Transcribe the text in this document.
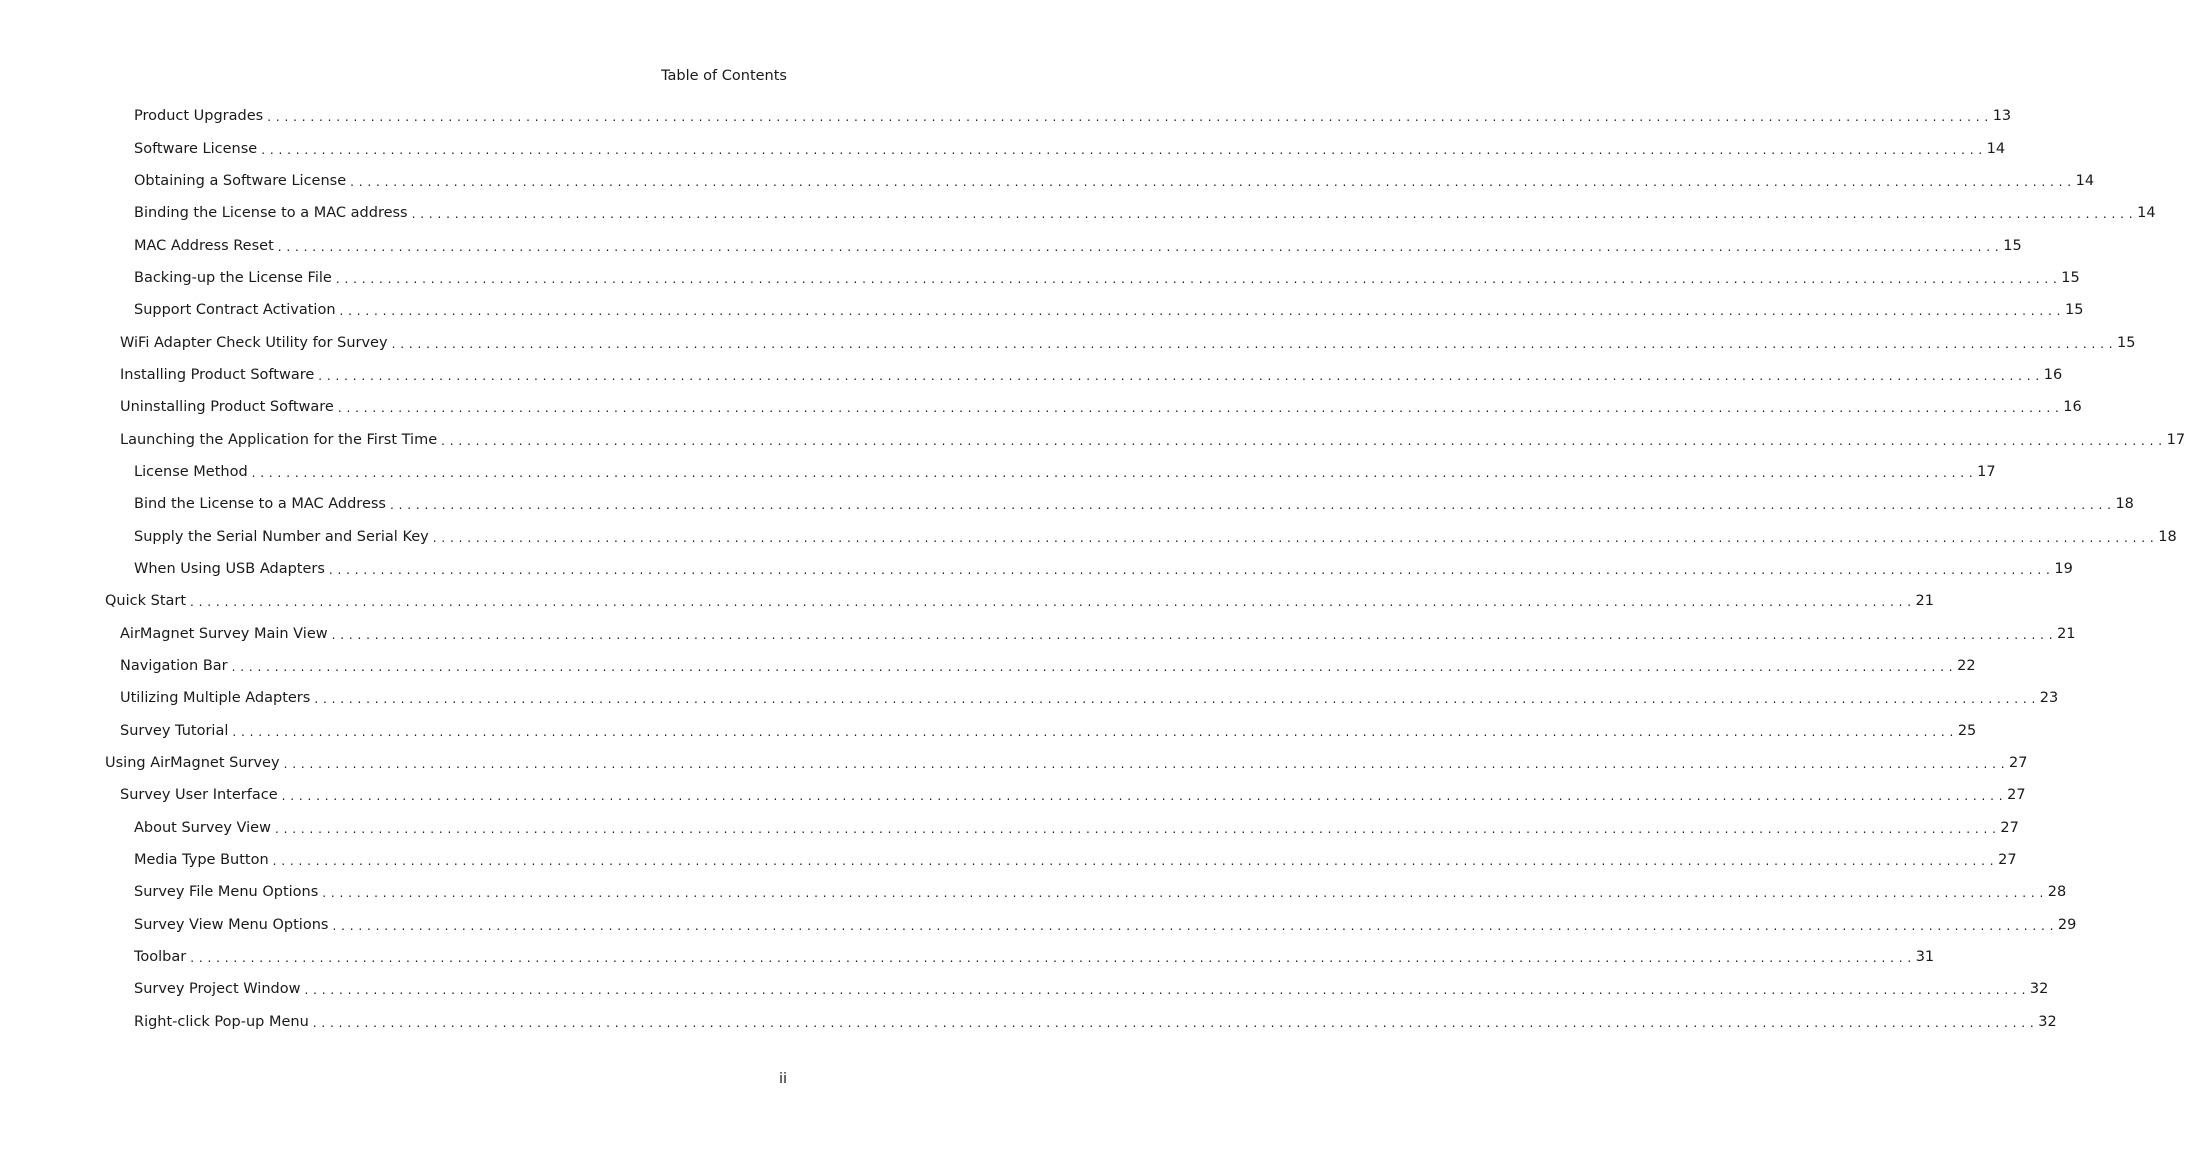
Table of Contents
Product Upgrades . . . . . . . . . . . . . . . . . . . . . . . . . . . . . . . . . . . . . . . . . . . . . . . . . . . . . . . . . . . . . . . . . . . . . . . . . . . . . . . . . . . . . . . . . . . . . . . . . . . . . . . . . . . . . . . . . . . . . . . . . . . . . . . . . . . . . . . . . . . . . . . . . . . . . . . . . . . . . . . . . . . . . . . . . . . . . . . . . . . . . . . . . . . . . . . . . . . . . . . . 13
Software License . . . . . . . . . . . . . . . . . . . . . . . . . . . . . . . . . . . . . . . . . . . . . . . . . . . . . . . . . . . . . . . . . . . . . . . . . . . . . . . . . . . . . . . . . . . . . . . . . . . . . . . . . . . . . . . . . . . . . . . . . . . . . . . . . . . . . . . . . . . . . . . . . . . . . . . . . . . . . . . . . . . . . . . . . . . . . . . . . . . . . . . . . . . . . . . . . . . . . . . . 14
Obtaining a Software License . . . . . . . . . . . . . . . . . . . . . . . . . . . . . . . . . . . . . . . . . . . . . . . . . . . . . . . . . . . . . . . . . . . . . . . . . . . . . . . . . . . . . . . . . . . . . . . . . . . . . . . . . . . . . . . . . . . . . . . . . . . . . . . . . . . . . . . . . . . . . . . . . . . . . . . . . . . . . . . . . . . . . . . . . . . . . . . . . . . . . . . . . . . . . . . . . . . . . . . . 14
Binding the License to a MAC address . . . . . . . . . . . . . . . . . . . . . . . . . . . . . . . . . . . . . . . . . . . . . . . . . . . . . . . . . . . . . . . . . . . . . . . . . . . . . . . . . . . . . . . . . . . . . . . . . . . . . . . . . . . . . . . . . . . . . . . . . . . . . . . . . . . . . . . . . . . . . . . . . . . . . . . . . . . . . . . . . . . . . . . . . . . . . . . . . . . . . . . . . . . . . . . . . . . . . . . . 14
MAC Address Reset . . . . . . . . . . . . . . . . . . . . . . . . . . . . . . . . . . . . . . . . . . . . . . . . . . . . . . . . . . . . . . . . . . . . . . . . . . . . . . . . . . . . . . . . . . . . . . . . . . . . . . . . . . . . . . . . . . . . . . . . . . . . . . . . . . . . . . . . . . . . . . . . . . . . . . . . . . . . . . . . . . . . . . . . . . . . . . . . . . . . . . . . . . . . . . . . . . . . . . . . 15
Backing-up the License File . . . . . . . . . . . . . . . . . . . . . . . . . . . . . . . . . . . . . . . . . . . . . . . . . . . . . . . . . . . . . . . . . . . . . . . . . . . . . . . . . . . . . . . . . . . . . . . . . . . . . . . . . . . . . . . . . . . . . . . . . . . . . . . . . . . . . . . . . . . . . . . . . . . . . . . . . . . . . . . . . . . . . . . . . . . . . . . . . . . . . . . . . . . . . . . . . . . . . . . . 15
Support Contract Activation . . . . . . . . . . . . . . . . . . . . . . . . . . . . . . . . . . . . . . . . . . . . . . . . . . . . . . . . . . . . . . . . . . . . . . . . . . . . . . . . . . . . . . . . . . . . . . . . . . . . . . . . . . . . . . . . . . . . . . . . . . . . . . . . . . . . . . . . . . . . . . . . . . . . . . . . . . . . . . . . . . . . . . . . . . . . . . . . . . . . . . . . . . . . . . . . . . . . . . . . 15
WiFi Adapter Check Utility for Survey . . . . . . . . . . . . . . . . . . . . . . . . . . . . . . . . . . . . . . . . . . . . . . . . . . . . . . . . . . . . . . . . . . . . . . . . . . . . . . . . . . . . . . . . . . . . . . . . . . . . . . . . . . . . . . . . . . . . . . . . . . . . . . . . . . . . . . . . . . . . . . . . . . . . . . . . . . . . . . . . . . . . . . . . . . . . . . . . . . . . . . . . . . . . . . . . . . . . . . . . 15
Installing Product Software . . . . . . . . . . . . . . . . . . . . . . . . . . . . . . . . . . . . . . . . . . . . . . . . . . . . . . . . . . . . . . . . . . . . . . . . . . . . . . . . . . . . . . . . . . . . . . . . . . . . . . . . . . . . . . . . . . . . . . . . . . . . . . . . . . . . . . . . . . . . . . . . . . . . . . . . . . . . . . . . . . . . . . . . . . . . . . . . . . . . . . . . . . . . . . . . . . . . . . . . 16
Uninstalling Product Software . . . . . . . . . . . . . . . . . . . . . . . . . . . . . . . . . . . . . . . . . . . . . . . . . . . . . . . . . . . . . . . . . . . . . . . . . . . . . . . . . . . . . . . . . . . . . . . . . . . . . . . . . . . . . . . . . . . . . . . . . . . . . . . . . . . . . . . . . . . . . . . . . . . . . . . . . . . . . . . . . . . . . . . . . . . . . . . . . . . . . . . . . . . . . . . . . . . . . . . . 16
Launching the Application for the First Time . . . . . . . . . . . . . . . . . . . . . . . . . . . . . . . . . . . . . . . . . . . . . . . . . . . . . . . . . . . . . . . . . . . . . . . . . . . . . . . . . . . . . . . . . . . . . . . . . . . . . . . . . . . . . . . . . . . . . . . . . . . . . . . . . . . . . . . . . . . . . . . . . . . . . . . . . . . . . . . . . . . . . . . . . . . . . . . . . . . . . . . . . . . . . . . . . . . . . . . . 17
License Method . . . . . . . . . . . . . . . . . . . . . . . . . . . . . . . . . . . . . . . . . . . . . . . . . . . . . . . . . . . . . . . . . . . . . . . . . . . . . . . . . . . . . . . . . . . . . . . . . . . . . . . . . . . . . . . . . . . . . . . . . . . . . . . . . . . . . . . . . . . . . . . . . . . . . . . . . . . . . . . . . . . . . . . . . . . . . . . . . . . . . . . . . . . . . . . . . . . . . . . . 17
Bind the License to a MAC Address . . . . . . . . . . . . . . . . . . . . . . . . . . . . . . . . . . . . . . . . . . . . . . . . . . . . . . . . . . . . . . . . . . . . . . . . . . . . . . . . . . . . . . . . . . . . . . . . . . . . . . . . . . . . . . . . . . . . . . . . . . . . . . . . . . . . . . . . . . . . . . . . . . . . . . . . . . . . . . . . . . . . . . . . . . . . . . . . . . . . . . . . . . . . . . . . . . . . . . . . 18
Supply the Serial Number and Serial Key . . . . . . . . . . . . . . . . . . . . . . . . . . . . . . . . . . . . . . . . . . . . . . . . . . . . . . . . . . . . . . . . . . . . . . . . . . . . . . . . . . . . . . . . . . . . . . . . . . . . . . . . . . . . . . . . . . . . . . . . . . . . . . . . . . . . . . . . . . . . . . . . . . . . . . . . . . . . . . . . . . . . . . . . . . . . . . . . . . . . . . . . . . . . . . . . . . . . . . . . 18
When Using USB Adapters . . . . . . . . . . . . . . . . . . . . . . . . . . . . . . . . . . . . . . . . . . . . . . . . . . . . . . . . . . . . . . . . . . . . . . . . . . . . . . . . . . . . . . . . . . . . . . . . . . . . . . . . . . . . . . . . . . . . . . . . . . . . . . . . . . . . . . . . . . . . . . . . . . . . . . . . . . . . . . . . . . . . . . . . . . . . . . . . . . . . . . . . . . . . . . . . . . . . . . . . 19
Quick Start . . . . . . . . . . . . . . . . . . . . . . . . . . . . . . . . . . . . . . . . . . . . . . . . . . . . . . . . . . . . . . . . . . . . . . . . . . . . . . . . . . . . . . . . . . . . . . . . . . . . . . . . . . . . . . . . . . . . . . . . . . . . . . . . . . . . . . . . . . . . . . . . . . . . . . . . . . . . . . . . . . . . . . . . . . . . . . . . . . . . . . . . . . . . . . . . . . . . . . . . 21
AirMagnet Survey Main View . . . . . . . . . . . . . . . . . . . . . . . . . . . . . . . . . . . . . . . . . . . . . . . . . . . . . . . . . . . . . . . . . . . . . . . . . . . . . . . . . . . . . . . . . . . . . . . . . . . . . . . . . . . . . . . . . . . . . . . . . . . . . . . . . . . . . . . . . . . . . . . . . . . . . . . . . . . . . . . . . . . . . . . . . . . . . . . . . . . . . . . . . . . . . . . . . . . . . . . . 21
Navigation Bar . . . . . . . . . . . . . . . . . . . . . . . . . . . . . . . . . . . . . . . . . . . . . . . . . . . . . . . . . . . . . . . . . . . . . . . . . . . . . . . . . . . . . . . . . . . . . . . . . . . . . . . . . . . . . . . . . . . . . . . . . . . . . . . . . . . . . . . . . . . . . . . . . . . . . . . . . . . . . . . . . . . . . . . . . . . . . . . . . . . . . . . . . . . . . . . . . . . . . . . . 22
Utilizing Multiple Adapters . . . . . . . . . . . . . . . . . . . . . . . . . . . . . . . . . . . . . . . . . . . . . . . . . . . . . . . . . . . . . . . . . . . . . . . . . . . . . . . . . . . . . . . . . . . . . . . . . . . . . . . . . . . . . . . . . . . . . . . . . . . . . . . . . . . . . . . . . . . . . . . . . . . . . . . . . . . . . . . . . . . . . . . . . . . . . . . . . . . . . . . . . . . . . . . . . . . . . . . . 23
Survey Tutorial . . . . . . . . . . . . . . . . . . . . . . . . . . . . . . . . . . . . . . . . . . . . . . . . . . . . . . . . . . . . . . . . . . . . . . . . . . . . . . . . . . . . . . . . . . . . . . . . . . . . . . . . . . . . . . . . . . . . . . . . . . . . . . . . . . . . . . . . . . . . . . . . . . . . . . . . . . . . . . . . . . . . . . . . . . . . . . . . . . . . . . . . . . . . . . . . . . . . . . . . 25
Using AirMagnet Survey . . . . . . . . . . . . . . . . . . . . . . . . . . . . . . . . . . . . . . . . . . . . . . . . . . . . . . . . . . . . . . . . . . . . . . . . . . . . . . . . . . . . . . . . . . . . . . . . . . . . . . . . . . . . . . . . . . . . . . . . . . . . . . . . . . . . . . . . . . . . . . . . . . . . . . . . . . . . . . . . . . . . . . . . . . . . . . . . . . . . . . . . . . . . . . . . . . . . . . . . 27
Survey User Interface . . . . . . . . . . . . . . . . . . . . . . . . . . . . . . . . . . . . . . . . . . . . . . . . . . . . . . . . . . . . . . . . . . . . . . . . . . . . . . . . . . . . . . . . . . . . . . . . . . . . . . . . . . . . . . . . . . . . . . . . . . . . . . . . . . . . . . . . . . . . . . . . . . . . . . . . . . . . . . . . . . . . . . . . . . . . . . . . . . . . . . . . . . . . . . . . . . . . . . . . 27
About Survey View . . . . . . . . . . . . . . . . . . . . . . . . . . . . . . . . . . . . . . . . . . . . . . . . . . . . . . . . . . . . . . . . . . . . . . . . . . . . . . . . . . . . . . . . . . . . . . . . . . . . . . . . . . . . . . . . . . . . . . . . . . . . . . . . . . . . . . . . . . . . . . . . . . . . . . . . . . . . . . . . . . . . . . . . . . . . . . . . . . . . . . . . . . . . . . . . . . . . . . . . 27
Media Type Button . . . . . . . . . . . . . . . . . . . . . . . . . . . . . . . . . . . . . . . . . . . . . . . . . . . . . . . . . . . . . . . . . . . . . . . . . . . . . . . . . . . . . . . . . . . . . . . . . . . . . . . . . . . . . . . . . . . . . . . . . . . . . . . . . . . . . . . . . . . . . . . . . . . . . . . . . . . . . . . . . . . . . . . . . . . . . . . . . . . . . . . . . . . . . . . . . . . . . . . . 27
Survey File Menu Options . . . . . . . . . . . . . . . . . . . . . . . . . . . . . . . . . . . . . . . . . . . . . . . . . . . . . . . . . . . . . . . . . . . . . . . . . . . . . . . . . . . . . . . . . . . . . . . . . . . . . . . . . . . . . . . . . . . . . . . . . . . . . . . . . . . . . . . . . . . . . . . . . . . . . . . . . . . . . . . . . . . . . . . . . . . . . . . . . . . . . . . . . . . . . . . . . . . . . . . . 28
Survey View Menu Options . . . . . . . . . . . . . . . . . . . . . . . . . . . . . . . . . . . . . . . . . . . . . . . . . . . . . . . . . . . . . . . . . . . . . . . . . . . . . . . . . . . . . . . . . . . . . . . . . . . . . . . . . . . . . . . . . . . . . . . . . . . . . . . . . . . . . . . . . . . . . . . . . . . . . . . . . . . . . . . . . . . . . . . . . . . . . . . . . . . . . . . . . . . . . . . . . . . . . . . . 29
Toolbar . . . . . . . . . . . . . . . . . . . . . . . . . . . . . . . . . . . . . . . . . . . . . . . . . . . . . . . . . . . . . . . . . . . . . . . . . . . . . . . . . . . . . . . . . . . . . . . . . . . . . . . . . . . . . . . . . . . . . . . . . . . . . . . . . . . . . . . . . . . . . . . . . . . . . . . . . . . . . . . . . . . . . . . . . . . . . . . . . . . . . . . . . . . . . . . . . . . . . . . . 31
Survey Project Window . . . . . . . . . . . . . . . . . . . . . . . . . . . . . . . . . . . . . . . . . . . . . . . . . . . . . . . . . . . . . . . . . . . . . . . . . . . . . . . . . . . . . . . . . . . . . . . . . . . . . . . . . . . . . . . . . . . . . . . . . . . . . . . . . . . . . . . . . . . . . . . . . . . . . . . . . . . . . . . . . . . . . . . . . . . . . . . . . . . . . . . . . . . . . . . . . . . . . . . . 32
Right-click Pop-up Menu . . . . . . . . . . . . . . . . . . . . . . . . . . . . . . . . . . . . . . . . . . . . . . . . . . . . . . . . . . . . . . . . . . . . . . . . . . . . . . . . . . . . . . . . . . . . . . . . . . . . . . . . . . . . . . . . . . . . . . . . . . . . . . . . . . . . . . . . . . . . . . . . . . . . . . . . . . . . . . . . . . . . . . . . . . . . . . . . . . . . . . . . . . . . . . . . . . . . . . . . 32
ii
